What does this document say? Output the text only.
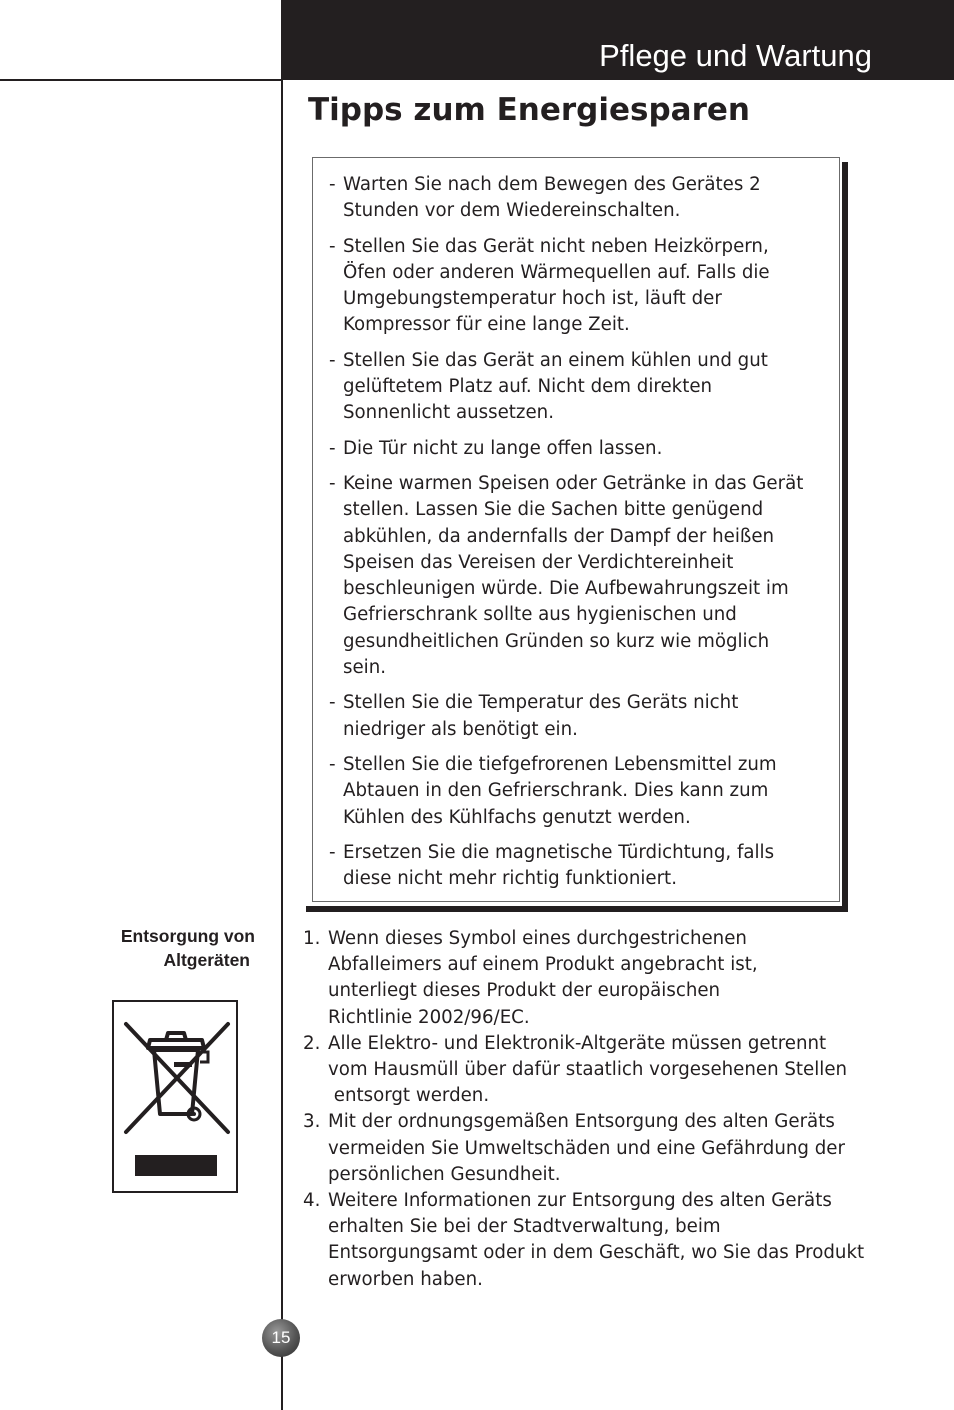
Pflege und Wartung
Tipps zum Energiesparen
- Warten Sie nach dem Bewegen des Gerätes 2
Stunden vor dem Wiedereinschalten.
- Stellen Sie das Gerät nicht neben Heizkörpern,
Öfen oder anderen Wärmequellen auf. Falls die
Umgebungstemperatur hoch ist, läuft der
Kompressor für eine lange Zeit.
- Stellen Sie das Gerät an einem kühlen und gut
gelüftetem Platz auf. Nicht dem direkten
Sonnenlicht aussetzen.
- Die Tür nicht zu lange offen lassen.
- Keine warmen Speisen oder Getränke in das Gerät
stellen. Lassen Sie die Sachen bitte genügend
abkühlen, da andernfalls der Dampf der heißen
Speisen das Vereisen der Verdichtereinheit
beschleunigen würde. Die Aufbewahrungszeit im
Gefrierschrank sollte aus hygienischen und
gesundheitlichen Gründen so kurz wie möglich
sein.
- Stellen Sie die Temperatur des Geräts nicht
niedriger als benötigt ein.
- Stellen Sie die tiefgefrorenen Lebensmittel zum
Abtauen in den Gefrierschrank. Dies kann zum
Kühlen des Kühlfachs genutzt werden.
- Ersetzen Sie die magnetische Türdichtung, falls
diese nicht mehr richtig funktioniert.
Entsorgung von
Altgeräten
1. Wenn dieses Symbol eines durchgestrichenen
Abfalleimers auf einem Produkt angebracht ist,
unterliegt dieses Produkt der europäischen
Richtlinie 2002/96/EC.
2. Alle Elektro- und Elektronik-Altgeräte müssen getrennt
vom Hausmüll über dafür staatlich vorgesehenen Stellen
entsorgt werden.
3. Mit der ordnungsgemäßen Entsorgung des alten Geräts
vermeiden Sie Umweltschäden und eine Gefährdung der
persönlichen Gesundheit.
4. Weitere Informationen zur Entsorgung des alten Geräts
erhalten Sie bei der Stadtverwaltung, beim
Entsorgungsamt oder in dem Geschäft, wo Sie das Produkt
erworben haben.
15
